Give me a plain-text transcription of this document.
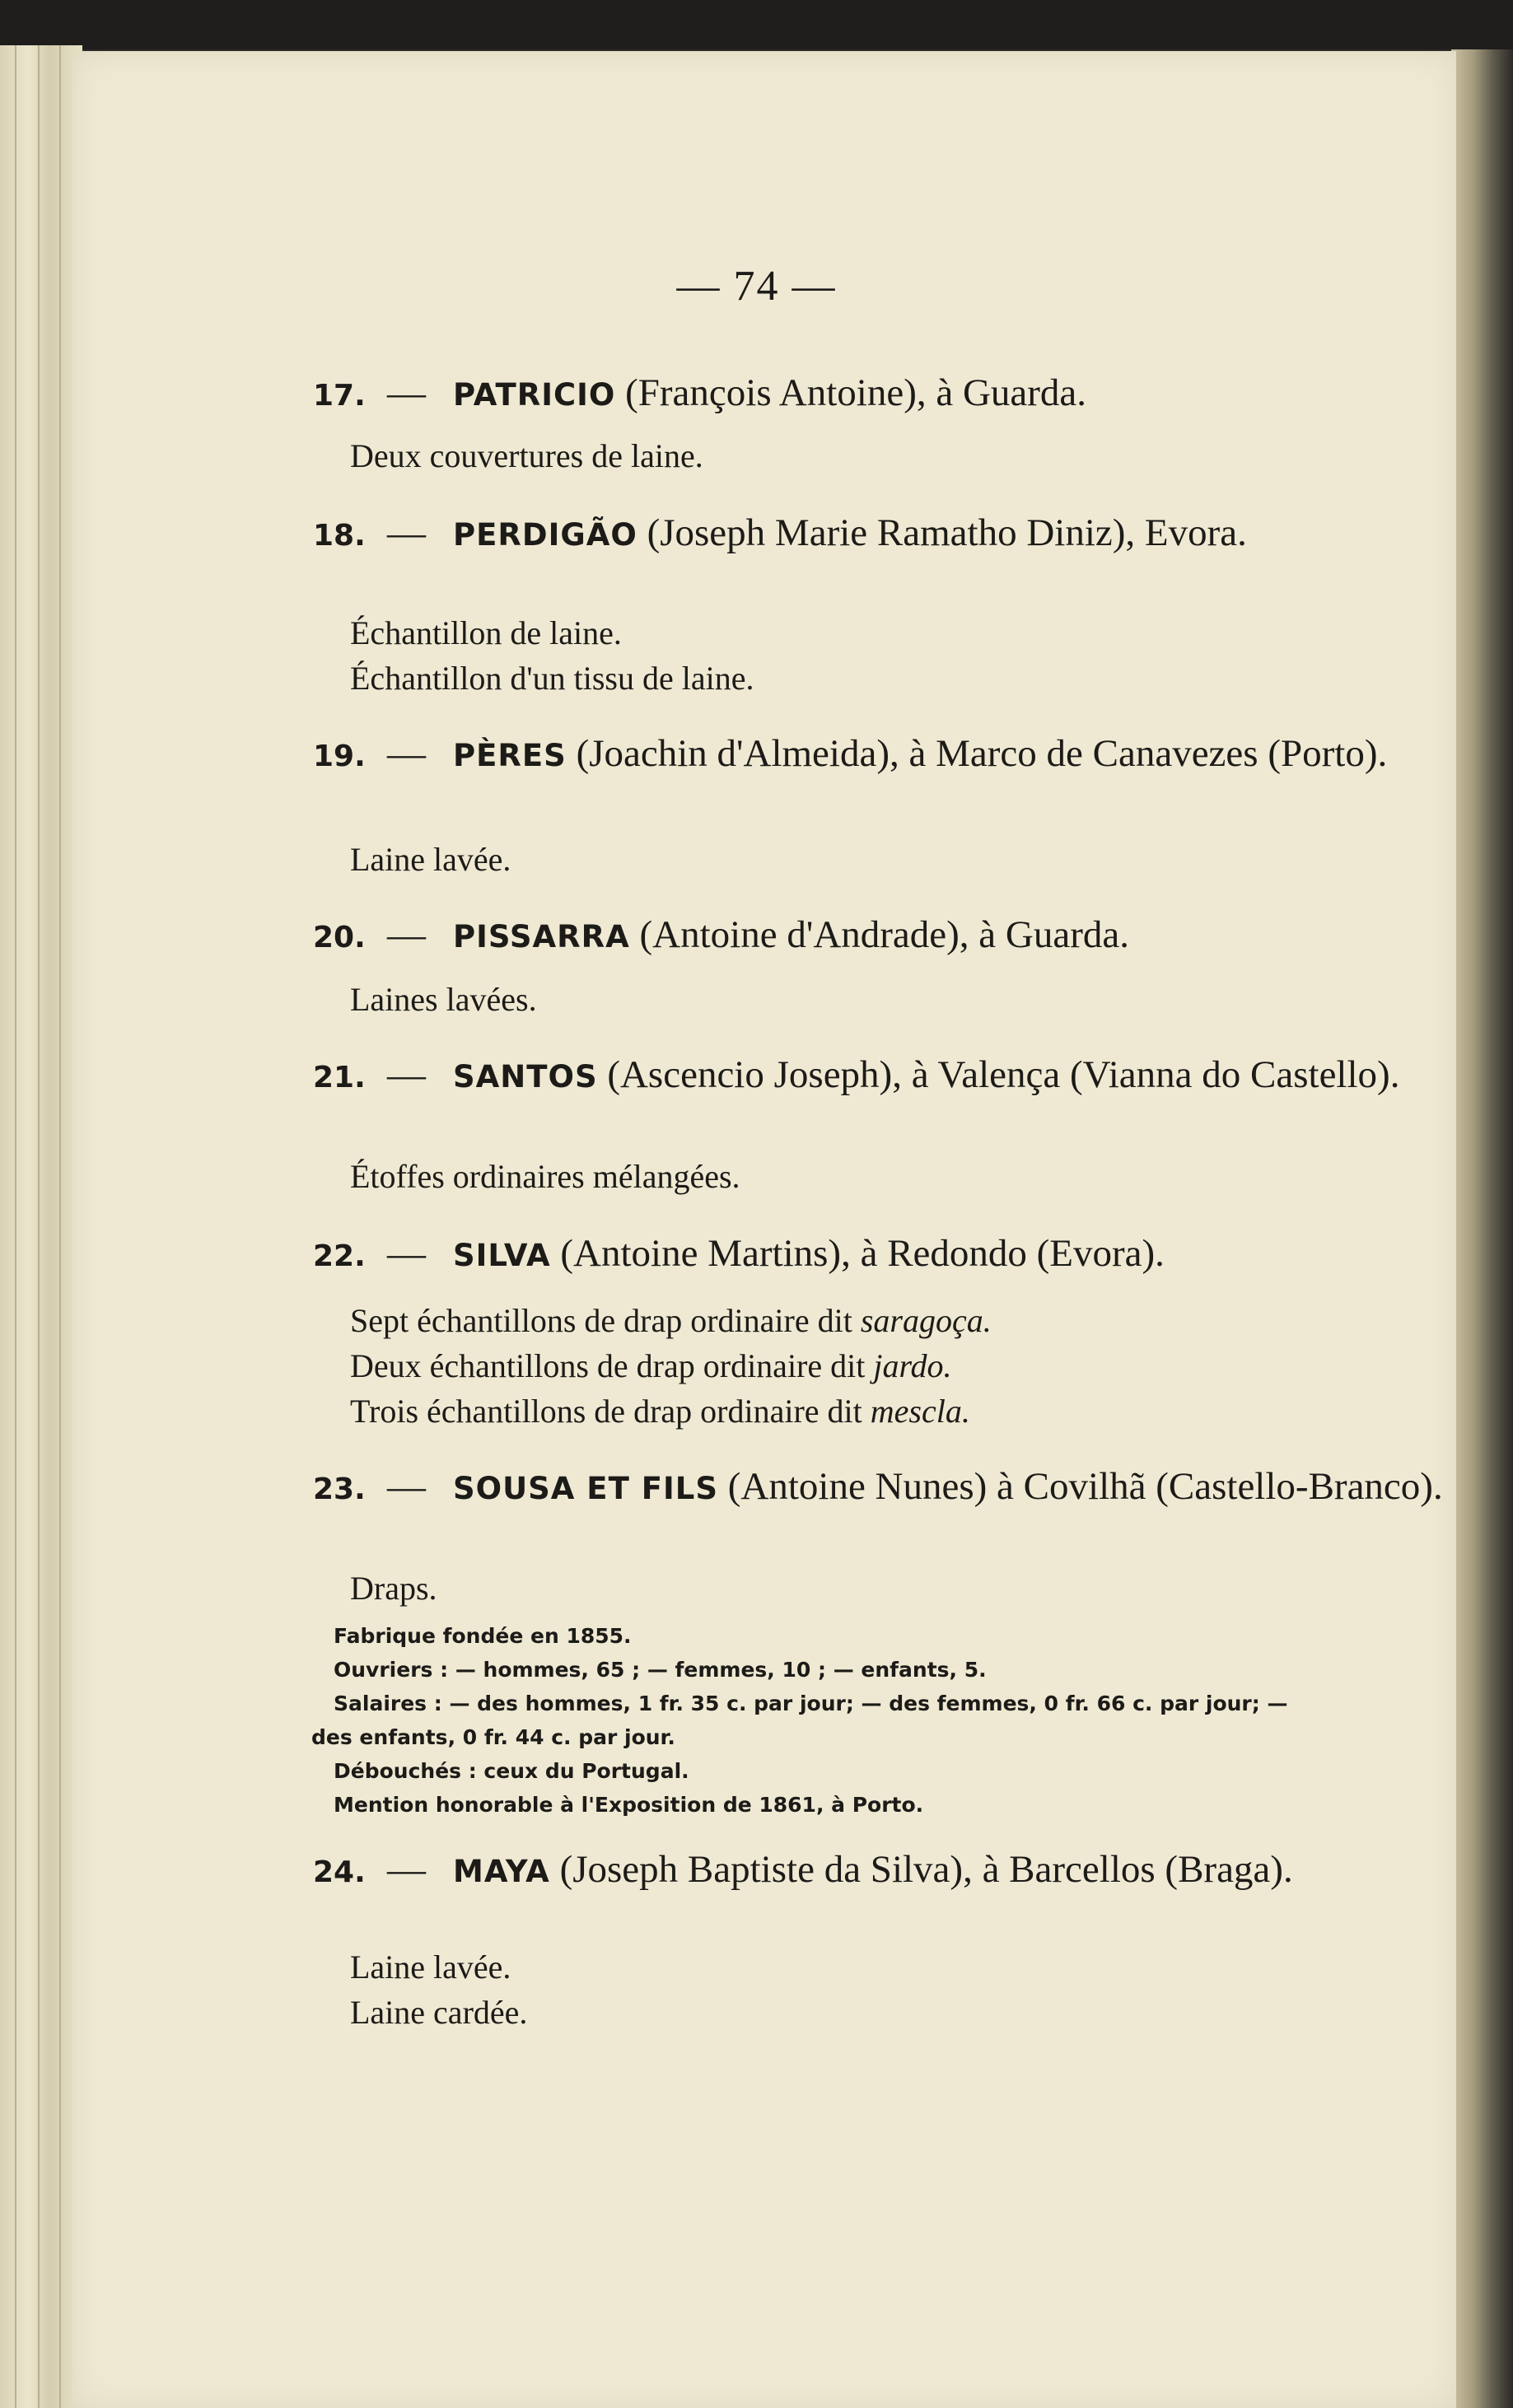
— 74 —

17. — PATRICIO (François Antoine), à Guarda.

Deux couvertures de laine.

18. — PERDIGÃO (Joseph Marie Ramatho Diniz), Evora.

Échantillon de laine.

Échantillon d'un tissu de laine.

19. — PÈRES (Joachin d'Almeida), à Marco de Canavezes (Porto).

Laine lavée.

20. — PISSARRA (Antoine d'Andrade), à Guarda.

Laines lavées.

21. — SANTOS (Ascencio Joseph), à Valença (Vianna do Castello).

Étoffes ordinaires mélangées.

22. — SILVA (Antoine Martins), à Redondo (Evora).

Sept échantillons de drap ordinaire dit saragoça.

Deux échantillons de drap ordinaire dit jardo.

Trois échantillons de drap ordinaire dit mescla.

23. — SOUSA ET FILS (Antoine Nunes) à Covilhã (Castello-Branco).

Draps.

Fabrique fondée en 1855.

Ouvriers : — hommes, 65 ; — femmes, 10 ; — enfants, 5.

Salaires : — des hommes, 1 fr. 35 c. par jour; — des femmes, 0 fr. 66 c. par jour; — des enfants, 0 fr. 44 c. par jour.

Débouchés : ceux du Portugal.

Mention honorable à l'Exposition de 1861, à Porto.

24. — MAYA (Joseph Baptiste da Silva), à Barcellos (Braga).

Laine lavée.

Laine cardée.
